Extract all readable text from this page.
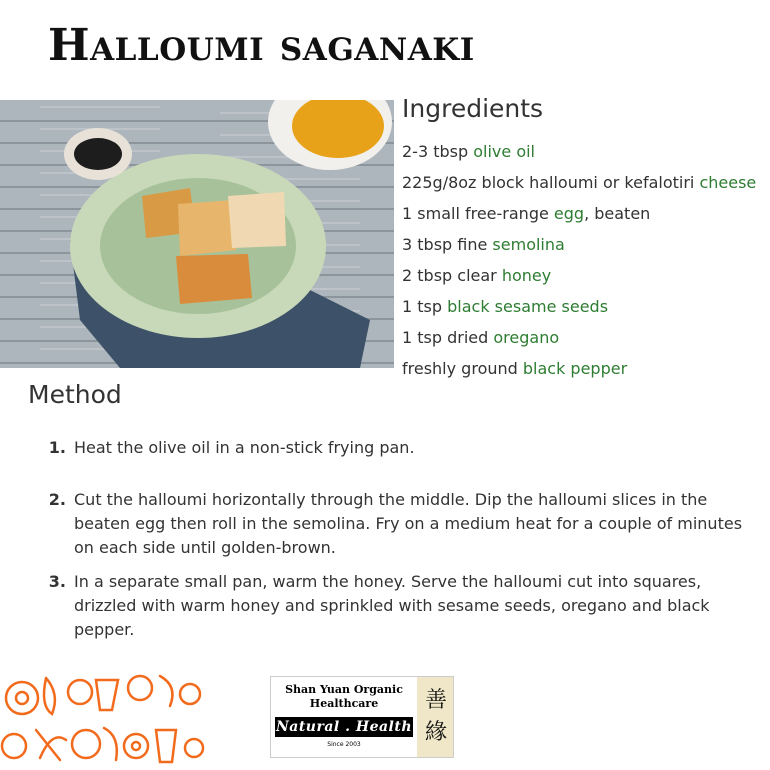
Halloumi saganaki
Ingredients
2-3 tbsp olive oil
225g/8oz block halloumi or kefalotiri cheese
1 small free-range egg, beaten
3 tbsp fine semolina
2 tbsp clear honey
1 tsp black sesame seeds
1 tsp dried oregano
freshly ground black pepper
Method
1. Heat the olive oil in a non-stick frying pan.
2. Cut the halloumi horizontally through the middle. Dip the halloumi slices in the beaten egg then roll in the semolina. Fry on a medium heat for a couple of minutes on each side until golden-brown.
3. In a separate small pan, warm the honey. Serve the halloumi cut into squares, drizzled with warm honey and sprinkled with sesame seeds, oregano and black pepper.
Shan Yuan Organic
Healthcare
Natural . Health
Since 2003
善
緣
